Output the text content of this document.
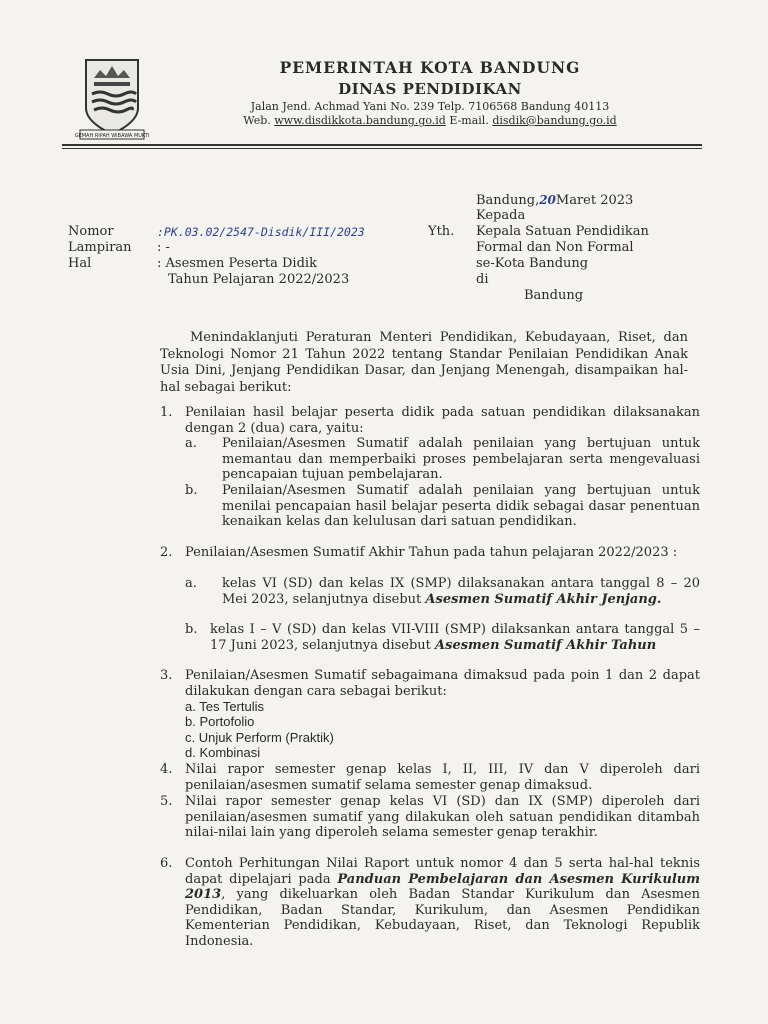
GEMAH RIPAH WIBAWA MUKTI
PEMERINTAH KOTA BANDUNG
DINAS PENDIDIKAN
Jalan Jend. Achmad Yani No. 239 Telp. 7106568 Bandung 40113
Web. www.disdikkota.bandung.go.id E-mail. disdik@bandung.go.id
Bandung,20Maret 2023
Kepada
Yth. Kepala Satuan Pendidikan
Formal dan Non Formal
se-Kota Bandung
di
Bandung
Nomor	:PK.03.02/2547-Disdik/III/2023
Lampiran : -
Hal	: Asesmen Peserta Didik
Tahun Pelajaran 2022/2023
Menindaklanjuti Peraturan Menteri Pendidikan, Kebudayaan, Riset, dan Teknologi Nomor 21 Tahun 2022 tentang Standar Penilaian Pendidikan Anak Usia Dini, Jenjang Pendidikan Dasar, dan Jenjang Menengah, disampaikan hal-hal sebagai berikut:
1. Penilaian hasil belajar peserta didik pada satuan pendidikan dilaksanakan dengan 2 (dua) cara, yaitu:
a. Penilaian/Asesmen Sumatif adalah penilaian yang bertujuan untuk memantau dan memperbaiki proses pembelajaran serta mengevaluasi pencapaian tujuan pembelajaran.
b. Penilaian/Asesmen Sumatif adalah penilaian yang bertujuan untuk menilai pencapaian hasil belajar peserta didik sebagai dasar penentuan kenaikan kelas dan kelulusan dari satuan pendidikan.
2. Penilaian/Asesmen Sumatif Akhir Tahun pada tahun pelajaran 2022/2023 :
a. kelas VI (SD) dan kelas IX (SMP) dilaksanakan antara tanggal 8 – 20 Mei 2023, selanjutnya disebut Asesmen Sumatif Akhir Jenjang.
b. kelas I – V (SD) dan kelas VII-VIII (SMP) dilaksankan antara tanggal 5 – 17 Juni 2023, selanjutnya disebut Asesmen Sumatif Akhir Tahun
3. Penilaian/Asesmen Sumatif sebagaimana dimaksud pada poin 1 dan 2 dapat dilakukan dengan cara sebagai berikut:
a. Tes Tertulis
b. Portofolio
c. Unjuk Perform (Praktik)
d. Kombinasi
4. Nilai rapor semester genap kelas I, II, III, IV dan V diperoleh dari penilaian/asesmen sumatif selama semester genap dimaksud.
5. Nilai rapor semester genap kelas VI (SD) dan IX (SMP) diperoleh dari penilaian/asesmen sumatif yang dilakukan oleh satuan pendidikan ditambah nilai-nilai lain yang diperoleh selama semester genap terakhir.
6. Contoh Perhitungan Nilai Raport untuk nomor 4 dan 5 serta hal-hal teknis dapat dipelajari pada Panduan Pembelajaran dan Asesmen Kurikulum 2013, yang dikeluarkan oleh Badan Standar Kurikulum dan Asesmen Pendidikan, Badan Standar, Kurikulum, dan Asesmen Pendidikan Kementerian Pendidikan, Kebudayaan, Riset, dan Teknologi Republik Indonesia.
